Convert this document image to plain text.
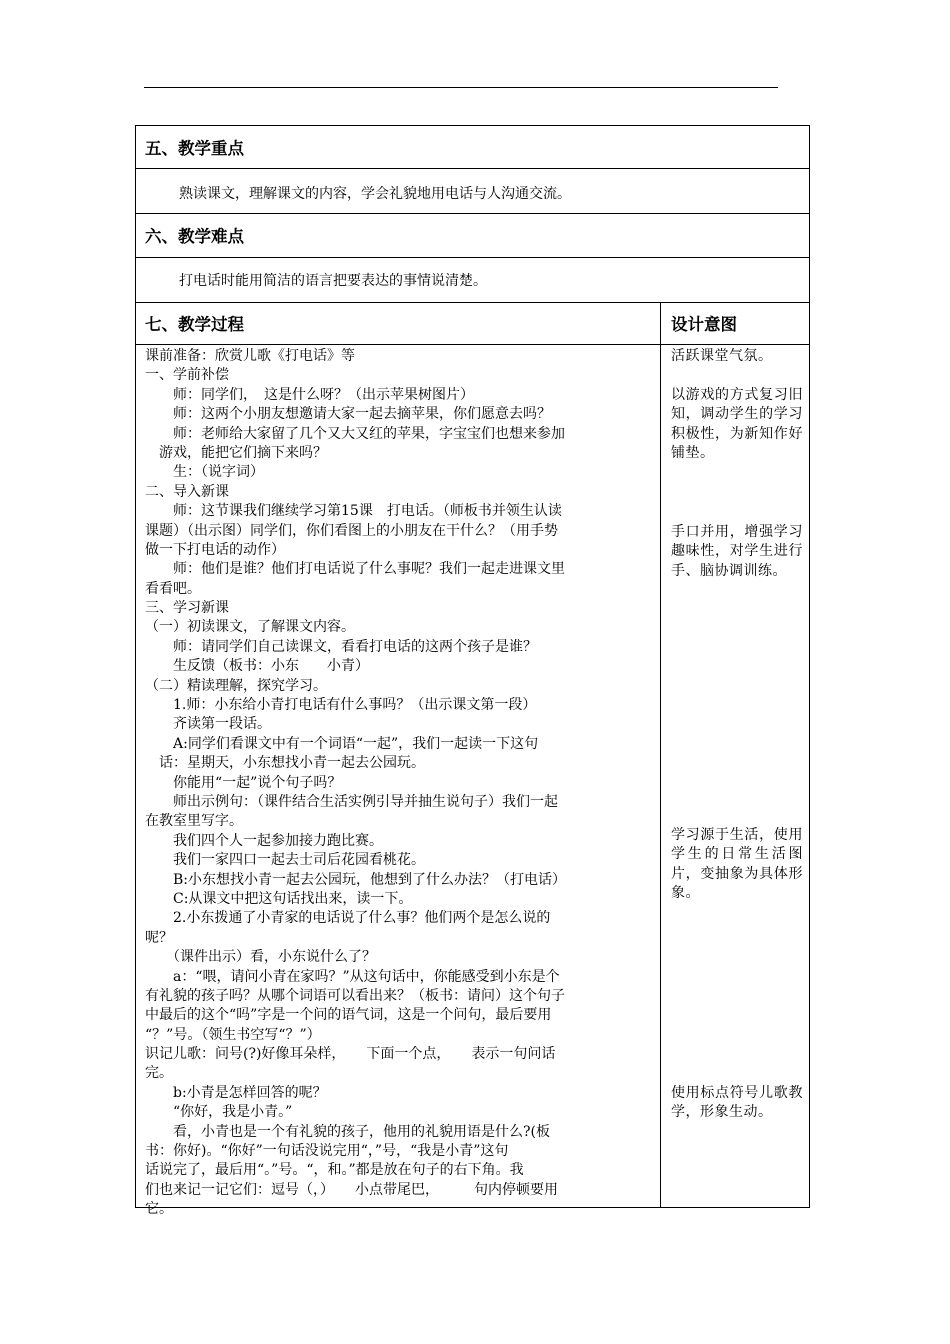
五、教学重点
熟读课文，理解课文的内容，学会礼貌地用电话与人沟通交流。
六、教学难点
打电话时能用简洁的语言把要表达的事情说清楚。
七、教学过程	设计意图
课前准备：欣赏儿歌《打电话》等
一、学前补偿
　　师：同学们，　这是什么呀？（出示苹果树图片）
　　师：这两个小朋友想邀请大家一起去摘苹果，你们愿意去吗？
　　师：老师给大家留了几个又大又红的苹果，字宝宝们也想来参加
　游戏，能把它们摘下来吗？
　　生：（说字词）
二、导入新课
　　师：这节课我们继续学习第15课　打电话。（师板书并领生认读
课题）（出示图）同学们，你们看图上的小朋友在干什么？（用手势
做一下打电话的动作）
　　师：他们是谁？他们打电话说了什么事呢？我们一起走进课文里
看看吧。
三、学习新课
（一）初读课文，了解课文内容。
　　师：请同学们自己读课文，看看打电话的这两个孩子是谁？
　　生反馈（板书：小东　　小青）
（二）精读理解，探究学习。
　　1.师：小东给小青打电话有什么事吗？（出示课文第一段）
　　齐读第一段话。
　　A:同学们看课文中有一个词语“一起”，我们一起读一下这句
　话：星期天，小东想找小青一起去公园玩。
　　你能用“一起”说个句子吗？
　　师出示例句：（课件结合生活实例引导并抽生说句子）我们一起
在教室里写字。
　　我们四个人一起参加接力跑比赛。
　　我们一家四口一起去士司后花园看桃花。
　　B:小东想找小青一起去公园玩，他想到了什么办法？（打电话）
　　C:从课文中把这句话找出来，读一下。
　　2.小东拨通了小青家的电话说了什么事？他们两个是怎么说的
呢？
　　（课件出示）看，小东说什么了？
　　a：“喂，请问小青在家吗？”从这句话中，你能感受到小东是个
有礼貌的孩子吗？从哪个词语可以看出来？（板书：请问）这个句子
中最后的这个“吗”字是一个问的语气词，这是一个问句，最后要用
“？”号。（领生书空写“？”）
识记儿歌：问号(?)好像耳朵样，　　下面一个点，　　表示一句问话
完。
　　b:小青是怎样回答的呢？
　　“你好，我是小青。”
　　看，小青也是一个有礼貌的孩子，他用的礼貌用语是什么?(板
书：你好)。“你好”一句话没说完用“，”号，“我是小青”这句
话说完了，最后用“。”号。“，和。”都是放在句子的右下角。我
们也来记一记它们：逗号（，）　　小点带尾巴，　　　句内停顿要用
它。
活跃课堂气氛。
以游戏的方式复习旧知，调动学生的学习积极性，为新知作好铺垫。
手口并用，增强学习趣味性，对学生进行手、脑协调训练。
学习源于生活，使用学生的日常生活图片，变抽象为具体形象。
使用标点符号儿歌教学，形象生动。
